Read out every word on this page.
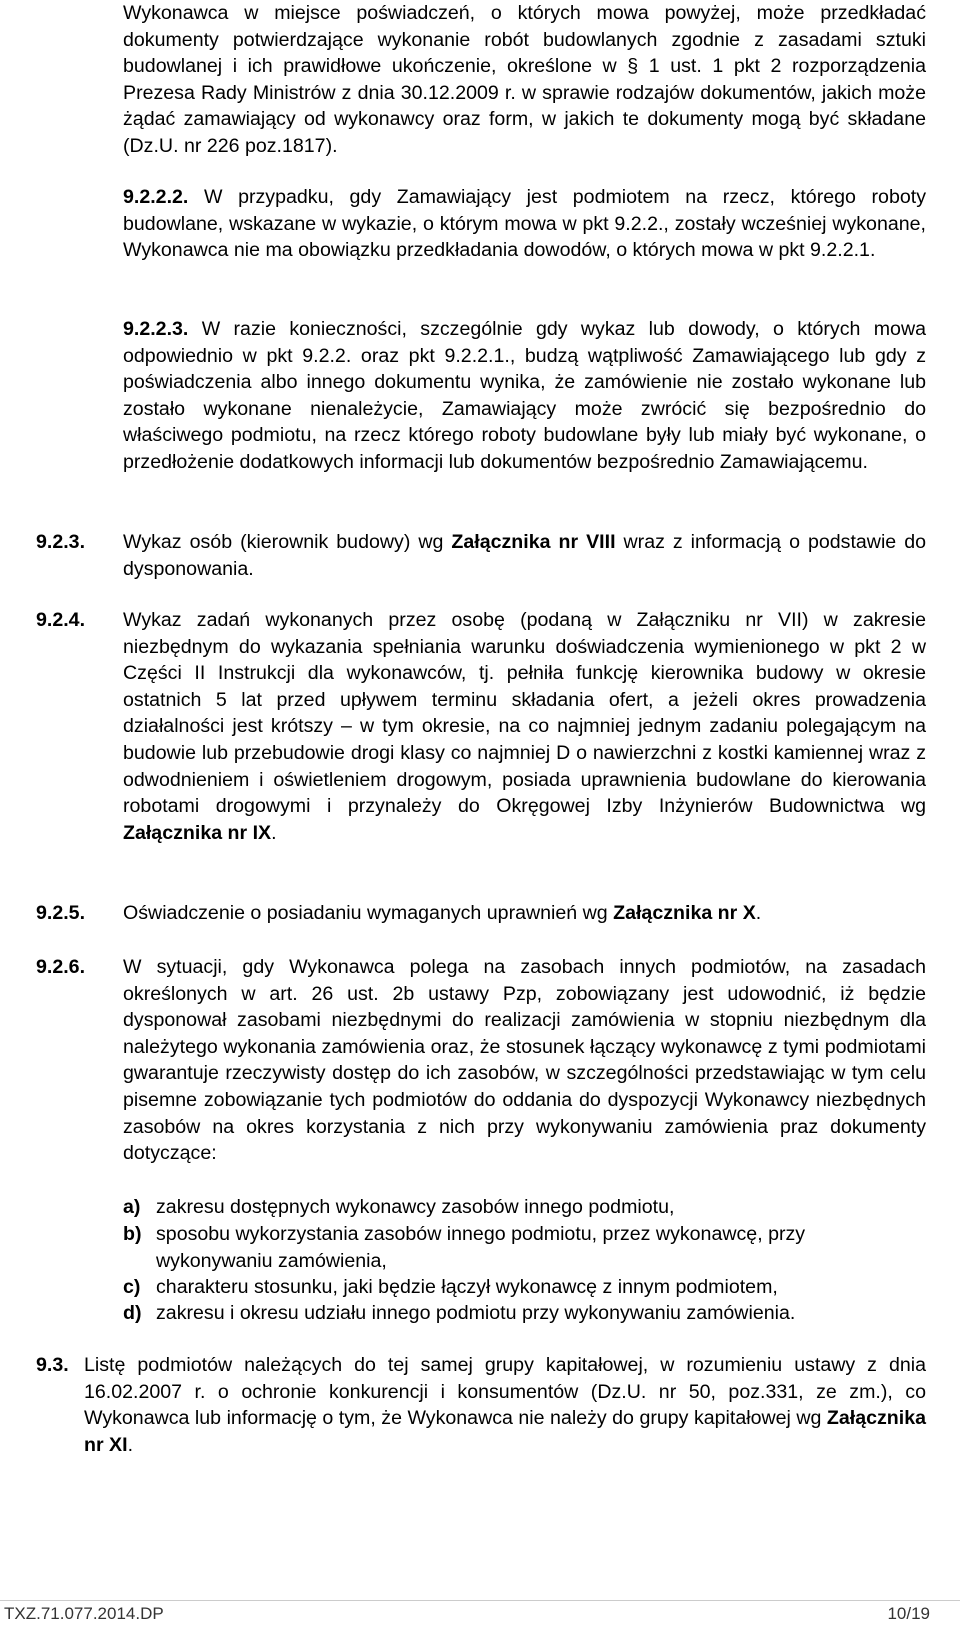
Wykonawca w miejsce poświadczeń, o których mowa powyżej, może przedkładać dokumenty potwierdzające wykonanie robót budowlanych zgodnie z zasadami sztuki budowlanej i ich prawidłowe ukończenie, określone w § 1 ust. 1 pkt 2 rozporządzenia Prezesa Rady Ministrów z dnia 30.12.2009 r. w sprawie rodzajów dokumentów, jakich może żądać zamawiający od wykonawcy oraz form, w jakich te dokumenty mogą być składane (Dz.U. nr 226 poz.1817).

9.2.2.2. W przypadku, gdy Zamawiający jest podmiotem na rzecz, którego roboty budowlane, wskazane w wykazie, o którym mowa w pkt 9.2.2., zostały wcześniej wykonane, Wykonawca nie ma obowiązku przedkładania dowodów, o których mowa w pkt 9.2.2.1.

9.2.2.3. W razie konieczności, szczególnie gdy wykaz lub dowody, o których mowa odpowiednio w pkt 9.2.2. oraz pkt 9.2.2.1., budzą wątpliwość Zamawiającego lub gdy z poświadczenia albo innego dokumentu wynika, że zamówienie nie zostało wykonane lub zostało wykonane nienależycie, Zamawiający może zwrócić się bezpośrednio do właściwego podmiotu, na rzecz którego roboty budowlane były lub miały być wykonane, o przedłożenie dodatkowych informacji lub dokumentów bezpośrednio Zamawiającemu.

9.2.3. Wykaz osób (kierownik budowy) wg Załącznika nr VIII wraz z informacją o podstawie do dysponowania.

9.2.4. Wykaz zadań wykonanych przez osobę (podaną w Załączniku nr VII) w zakresie niezbędnym do wykazania spełniania warunku doświadczenia wymienionego w pkt 2 w Części II Instrukcji dla wykonawców, tj. pełniła funkcję kierownika budowy w okresie ostatnich 5 lat przed upływem terminu składania ofert, a jeżeli okres prowadzenia działalności jest krótszy – w tym okresie, na co najmniej jednym zadaniu polegającym na budowie lub przebudowie drogi klasy co najmniej D o nawierzchni z kostki kamiennej wraz z odwodnieniem i oświetleniem drogowym, posiada uprawnienia budowlane do kierowania robotami drogowymi i przynależy do Okręgowej Izby Inżynierów Budownictwa wg Załącznika nr IX.

9.2.5. Oświadczenie o posiadaniu wymaganych uprawnień wg Załącznika nr X.

9.2.6. W sytuacji, gdy Wykonawca polega na zasobach innych podmiotów, na zasadach określonych w art. 26 ust. 2b ustawy Pzp, zobowiązany jest udowodnić, iż będzie dysponował zasobami niezbędnymi do realizacji zamówienia w stopniu niezbędnym dla należytego wykonania zamówienia oraz, że stosunek łączący wykonawcę z tymi podmiotami gwarantuje rzeczywisty dostęp do ich zasobów, w szczególności przedstawiając w tym celu pisemne zobowiązanie tych podmiotów do oddania do dyspozycji Wykonawcy niezbędnych zasobów na okres korzystania z nich przy wykonywaniu zamówienia praz dokumenty dotyczące:

a) zakresu dostępnych wykonawcy zasobów innego podmiotu,
b) sposobu wykorzystania zasobów innego podmiotu, przez wykonawcę, przy wykonywaniu zamówienia,
c) charakteru stosunku, jaki będzie łączył wykonawcę z innym podmiotem,
d) zakresu i okresu udziału innego podmiotu przy wykonywaniu zamówienia.
9.3. Listę podmiotów należących do tej samej grupy kapitałowej, w rozumieniu ustawy z dnia 16.02.2007 r. o ochronie konkurencji i konsumentów (Dz.U. nr 50, poz.331, ze zm.), co Wykonawca lub informację o tym, że Wykonawca nie należy do grupy kapitałowej wg Załącznika nr XI.

TXZ.71.077.2014.DP	10/19
